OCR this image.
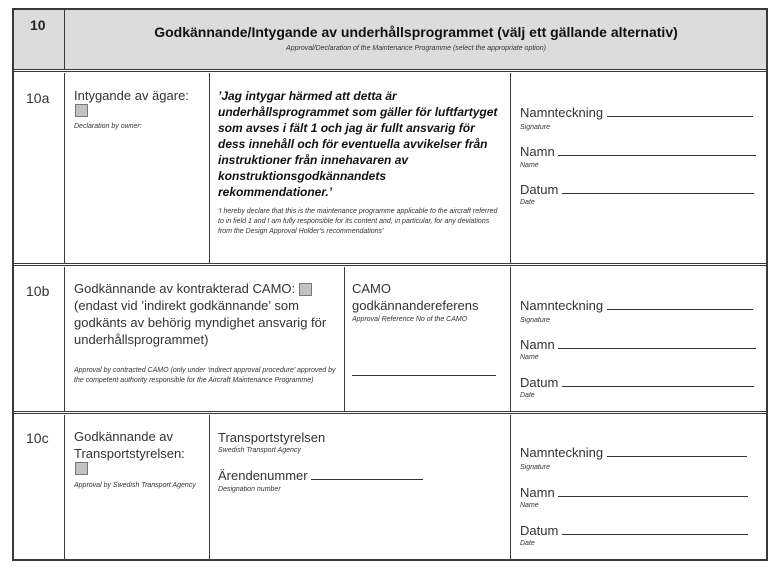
10	Godkännande/Intygande av underhållsprogrammet (välj ett gällande alternativ)
Approval/Declaration of the Maintenance Programme (select the appropriate option)
10a Intygande av ägare:
Declaration by owner:
’Jag intygar härmed att detta är underhållsprogrammet som gäller för luftfartyget som avses i fält 1 och jag är fullt ansvarig för dess innehåll och för eventuella avvikelser från instruktioner från innehavaren av konstruktionsgodkännandets rekommendationer.’
‘I hereby declare that this is the maintenance programme applicable to the aircraft referred to in field 1 and I am fully responsible for its content and, in particular, for any deviations from the Design Approval Holder’s recommendations’
Namnteckning
Signature
Namn
Name
Datum
Date
10b Godkännande av kontrakterad CAMO:
(endast vid ’indirekt godkännande’ som godkänts av behörig myndighet ansvarig för underhållsprogrammet)
Approval by contracted CAMO (only under ‘indirect approval procedure’ approved by the competent authority responsible for the Aircraft Maintenance Programme)
CAMO godkännandereferens
Approval Reference No of the CAMO
Namnteckning
Signature
Namn
Name
Datum
Date
10c Godkännande av Transportstyrelsen:
Approval by Swedish Transport Agency
Transportstyrelsen
Swedish Transport Agency
Ärendenummer
Designation number
Namnteckning
Signature
Namn
Name
Datum
Date
